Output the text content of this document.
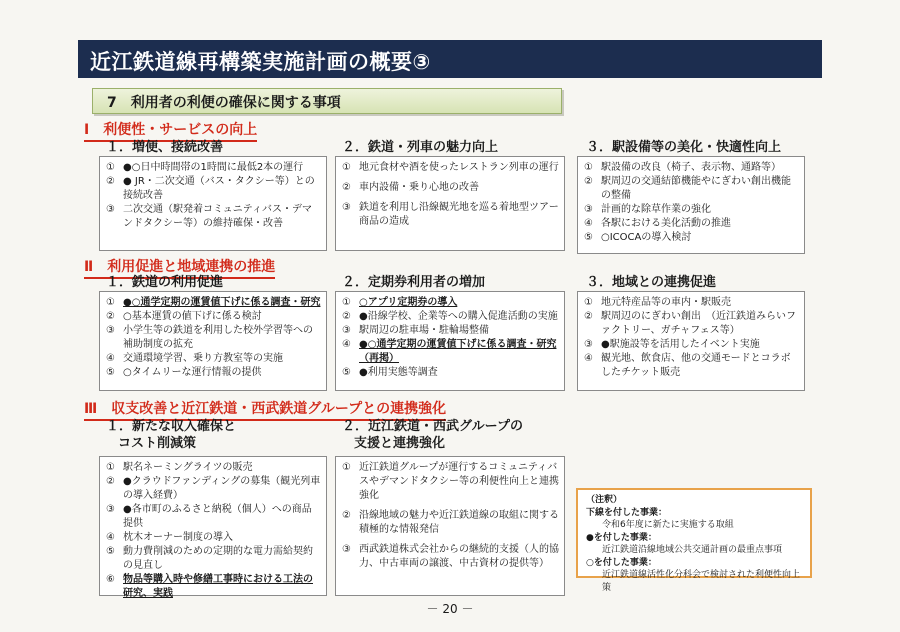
近江鉄道線再構築実施計画の概要③
7　利用者の利便の確保に関する事項
Ⅰ　利便性・サービスの向上
１．増便、接続改善
① ●○日中時間帯の1時間に最低2本の運行
② ● JR・二次交通（バス・タクシー等）との接続改善
③ 二次交通（駅発着コミュニティバス・デマンドタクシー等）の維持確保・改善
２．鉄道・列車の魅力向上
① 地元食材や酒を使ったレストラン列車の運行
② 車内設備・乗り心地の改善
③ 鉄道を利用し沿線観光地を巡る着地型ツアー商品の造成
３．駅設備等の美化・快適性向上
① 駅設備の改良（椅子、表示物、通路等）
② 駅周辺の交通結節機能やにぎわい創出機能の整備
③ 計画的な除草作業の強化
④ 各駅における美化活動の推進
⑤ ○ICOCAの導入検討
Ⅱ　利用促進と地域連携の推進
１．鉄道の利用促進
① ●○通学定期の運賃値下げに係る調査・研究
② ○基本運賃の値下げに係る検討
③ 小学生等の鉄道を利用した校外学習等への補助制度の拡充
④ 交通環境学習、乗り方教室等の実施
⑤ ○タイムリーな運行情報の提供
２．定期券利用者の増加
① ○アプリ定期券の導入
② ●沿線学校、企業等への購入促進活動の実施
③ 駅周辺の駐車場・駐輪場整備
④ ●○通学定期の運賃値下げに係る調査・研究（再掲）
⑤ ●利用実態等調査
３．地域との連携促進
① 地元特産品等の車内・駅販売
② 駅周辺のにぎわい創出　（近江鉄道みらいファクトリー、ガチャフェス等）
③ ●駅施設等を活用したイベント実施
④ 観光地、飲食店、他の交通モードとコラボしたチケット販売
Ⅲ　収支改善と近江鉄道・西武鉄道グループとの連携強化
１．新たな収入確保と
コスト削減策
① 駅名ネーミングライツの販売
② ●クラウドファンディングの募集（観光列車の導入経費）
③ ●各市町のふるさと納税（個人）への商品提供
④ 枕木オーナー制度の導入
⑤ 動力費削減のための定期的な電力需給契約の見直し
⑥ 物品等購入時や修繕工事時における工法の研究、実践
２．近江鉄道・西武グループの
支援と連携強化
① 近江鉄道グループが運行するコミュニティバスやデマンドタクシー等の利便性向上と連携強化
② 沿線地域の魅力や近江鉄道線の取組に関する積極的な情報発信
③ 西武鉄道株式会社からの継続的支援（人的協力、中古車両の譲渡、中古資材の提供等）
（注釈）
下線を付した事業：
令和6年度に新たに実施する取組
●を付した事業：
近江鉄道沿線地域公共交通計画の最重点事項
○を付した事業：
近江鉄道線活性化分科会で検討された利便性向上策
－ 20 －
